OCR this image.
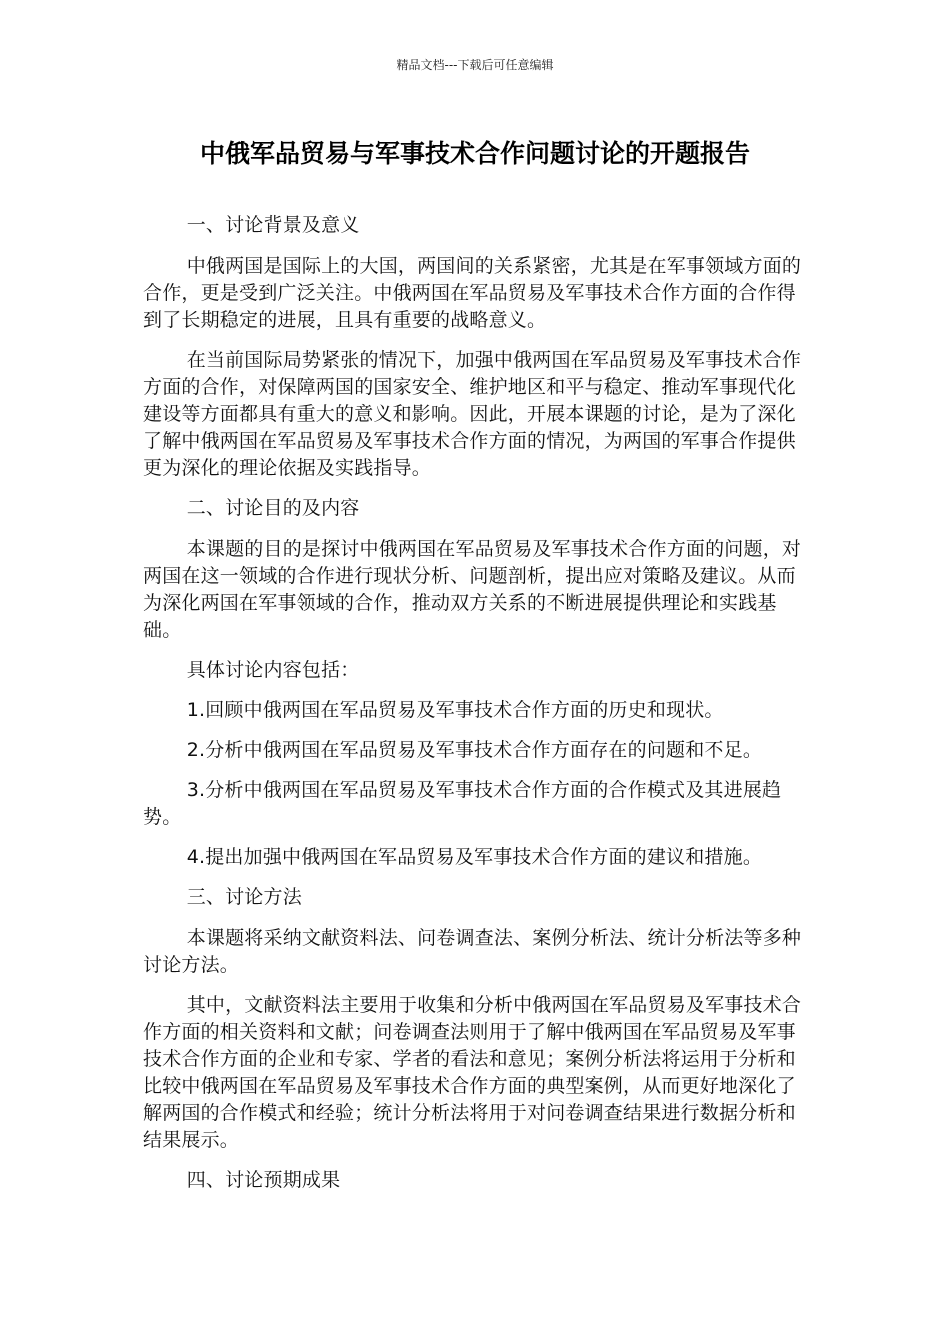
精品文档---下载后可任意编辑
中俄军品贸易与军事技术合作问题讨论的开题报告

一、讨论背景及意义

中俄两国是国际上的大国，两国间的关系紧密，尤其是在军事领域方面的合作，更是受到广泛关注。中俄两国在军品贸易及军事技术合作方面的合作得到了长期稳定的进展，且具有重要的战略意义。

在当前国际局势紧张的情况下，加强中俄两国在军品贸易及军事技术合作方面的合作，对保障两国的国家安全、维护地区和平与稳定、推动军事现代化建设等方面都具有重大的意义和影响。因此，开展本课题的讨论，是为了深化了解中俄两国在军品贸易及军事技术合作方面的情况，为两国的军事合作提供更为深化的理论依据及实践指导。

二、讨论目的及内容

本课题的目的是探讨中俄两国在军品贸易及军事技术合作方面的问题，对两国在这一领域的合作进行现状分析、问题剖析，提出应对策略及建议。从而为深化两国在军事领域的合作，推动双方关系的不断进展提供理论和实践基础。

具体讨论内容包括：

1.回顾中俄两国在军品贸易及军事技术合作方面的历史和现状。

2.分析中俄两国在军品贸易及军事技术合作方面存在的问题和不足。

3.分析中俄两国在军品贸易及军事技术合作方面的合作模式及其进展趋势。

4.提出加强中俄两国在军品贸易及军事技术合作方面的建议和措施。

三、讨论方法

本课题将采纳文献资料法、问卷调查法、案例分析法、统计分析法等多种讨论方法。

其中，文献资料法主要用于收集和分析中俄两国在军品贸易及军事技术合作方面的相关资料和文献；问卷调查法则用于了解中俄两国在军品贸易及军事技术合作方面的企业和专家、学者的看法和意见；案例分析法将运用于分析和比较中俄两国在军品贸易及军事技术合作方面的典型案例，从而更好地深化了解两国的合作模式和经验；统计分析法将用于对问卷调查结果进行数据分析和结果展示。

四、讨论预期成果
